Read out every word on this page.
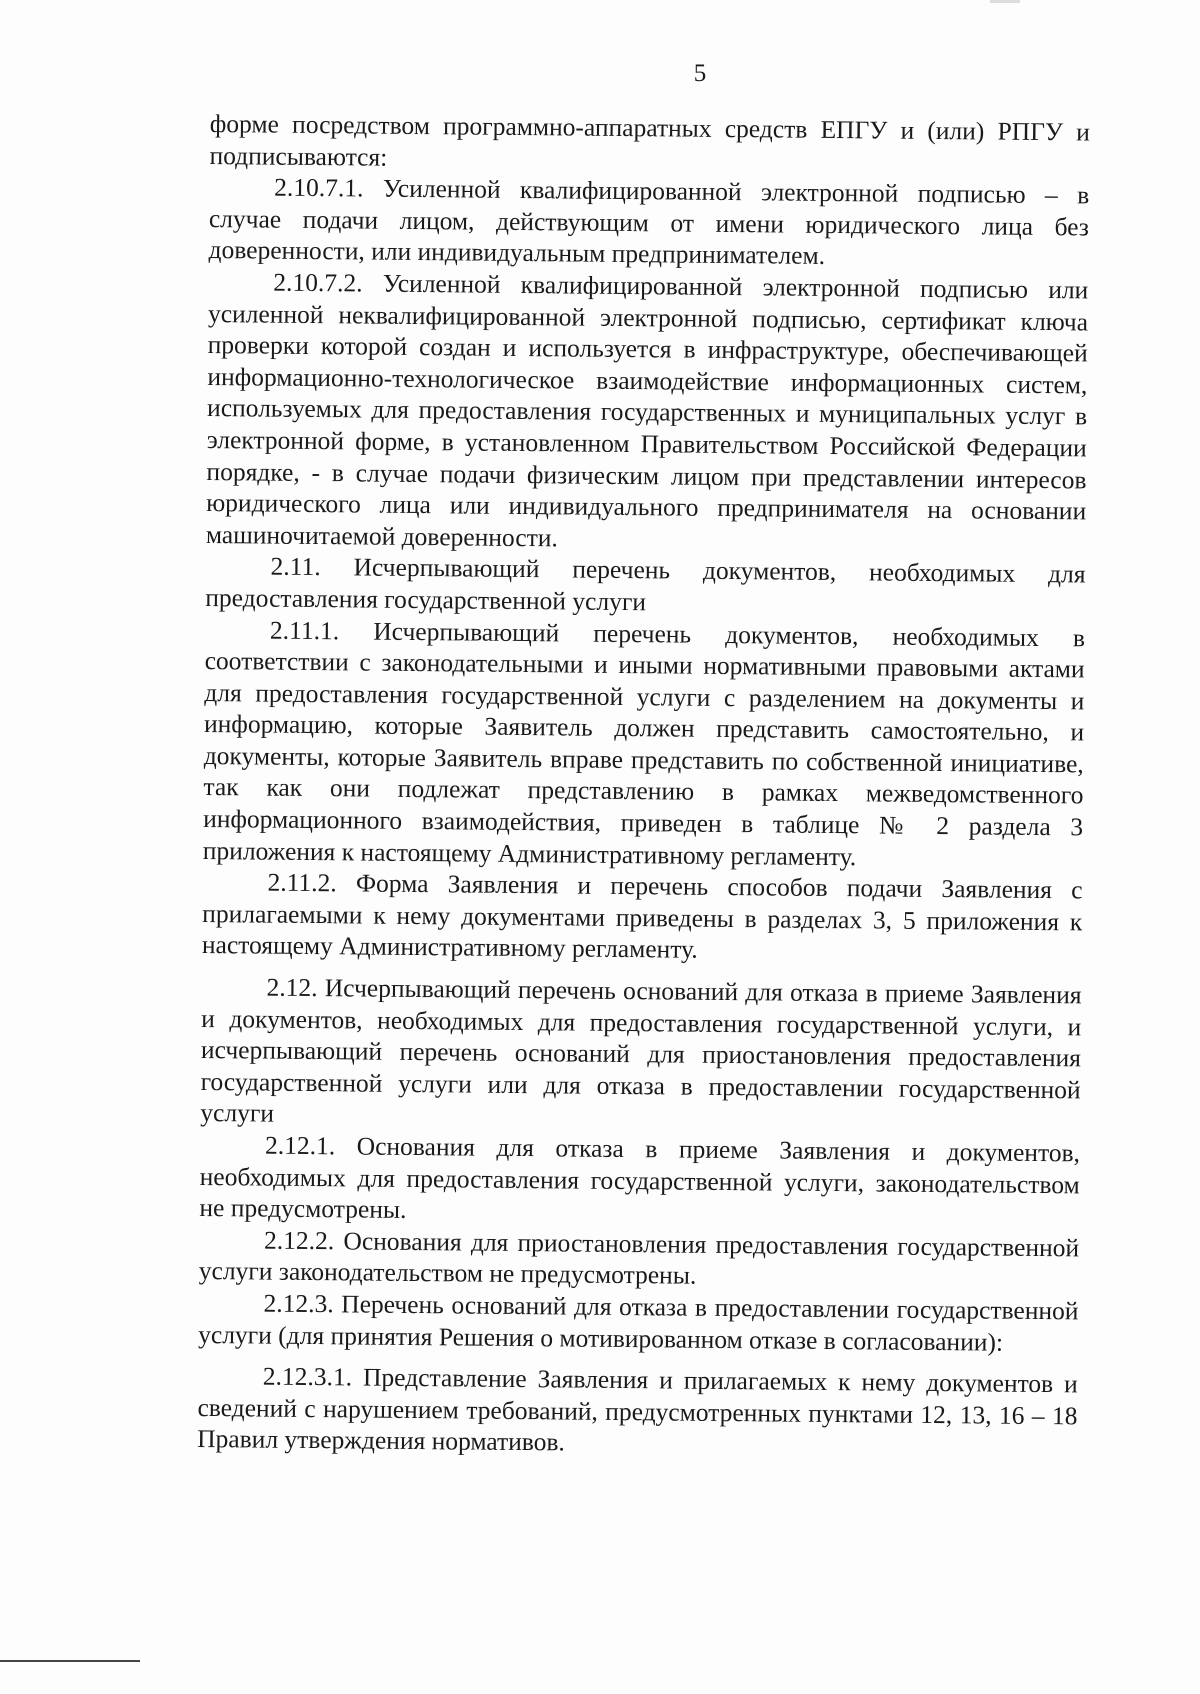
5

форме посредством программно-аппаратных средств ЕПГУ и (или) РПГУ и подписываются:

2.10.7.1. Усиленной квалифицированной электронной подписью – в случае подачи лицом, действующим от имени юридического лица без доверенности, или индивидуальным предпринимателем.

2.10.7.2. Усиленной квалифицированной электронной подписью или усиленной неквалифицированной электронной подписью, сертификат ключа проверки которой создан и используется в инфраструктуре, обеспечивающей информационно-технологическое взаимодействие информационных систем, используемых для предоставления государственных и муниципальных услуг в электронной форме, в установленном Правительством Российской Федерации порядке, - в случае подачи физическим лицом при представлении интересов юридического лица или индивидуального предпринимателя на основании машиночитаемой доверенности.

2.11. Исчерпывающий перечень документов, необходимых для предоставления государственной услуги

2.11.1. Исчерпывающий перечень документов, необходимых в соответствии с законодательными и иными нормативными правовыми актами для предоставления государственной услуги с разделением на документы и информацию, которые Заявитель должен представить самостоятельно, и документы, которые Заявитель вправе представить по собственной инициативе, так как они подлежат представлению в рамках межведомственного информационного взаимодействия, приведен в таблице № 2 раздела 3 приложения к настоящему Административному регламенту.

2.11.2. Форма Заявления и перечень способов подачи Заявления с прилагаемыми к нему документами приведены в разделах 3, 5 приложения к настоящему Административному регламенту.

2.12. Исчерпывающий перечень оснований для отказа в приеме Заявления и документов, необходимых для предоставления государственной услуги, и исчерпывающий перечень оснований для приостановления предоставления государственной услуги или для отказа в предоставлении государственной услуги

2.12.1. Основания для отказа в приеме Заявления и документов, необходимых для предоставления государственной услуги, законодательством не предусмотрены.

2.12.2. Основания для приостановления предоставления государственной услуги законодательством не предусмотрены.

2.12.3. Перечень оснований для отказа в предоставлении государственной услуги (для принятия Решения о мотивированном отказе в согласовании):

2.12.3.1. Представление Заявления и прилагаемых к нему документов и сведений с нарушением требований, предусмотренных пунктами 12, 13, 16 – 18 Правил утверждения нормативов.
